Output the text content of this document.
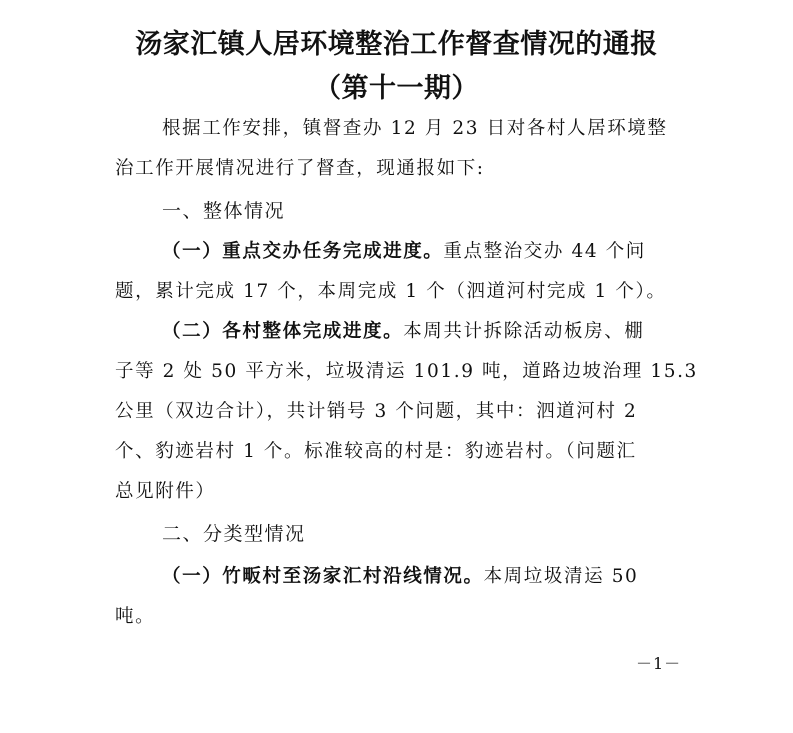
汤家汇镇人居环境整治工作督查情况的通报
（第十一期）

根据工作安排，镇督查办 12 月 23 日对各村人居环境整

治工作开展情况进行了督查，现通报如下:

一、整体情况

（一）重点交办任务完成进度。重点整治交办 44 个问

题，累计完成 17 个，本周完成 1 个（泗道河村完成 1 个）。

（二）各村整体完成进度。本周共计拆除活动板房、棚

子等 2 处 50 平方米，垃圾清运 101.9 吨，道路边坡治理 15.3

公里（双边合计），共计销号 3 个问题，其中：泗道河村 2

个、豹迹岩村 1 个。标准较高的村是：豹迹岩村。（问题汇

总见附件）

二、分类型情况

（一）竹畈村至汤家汇村沿线情况。本周垃圾清运 50

吨。

－1－
